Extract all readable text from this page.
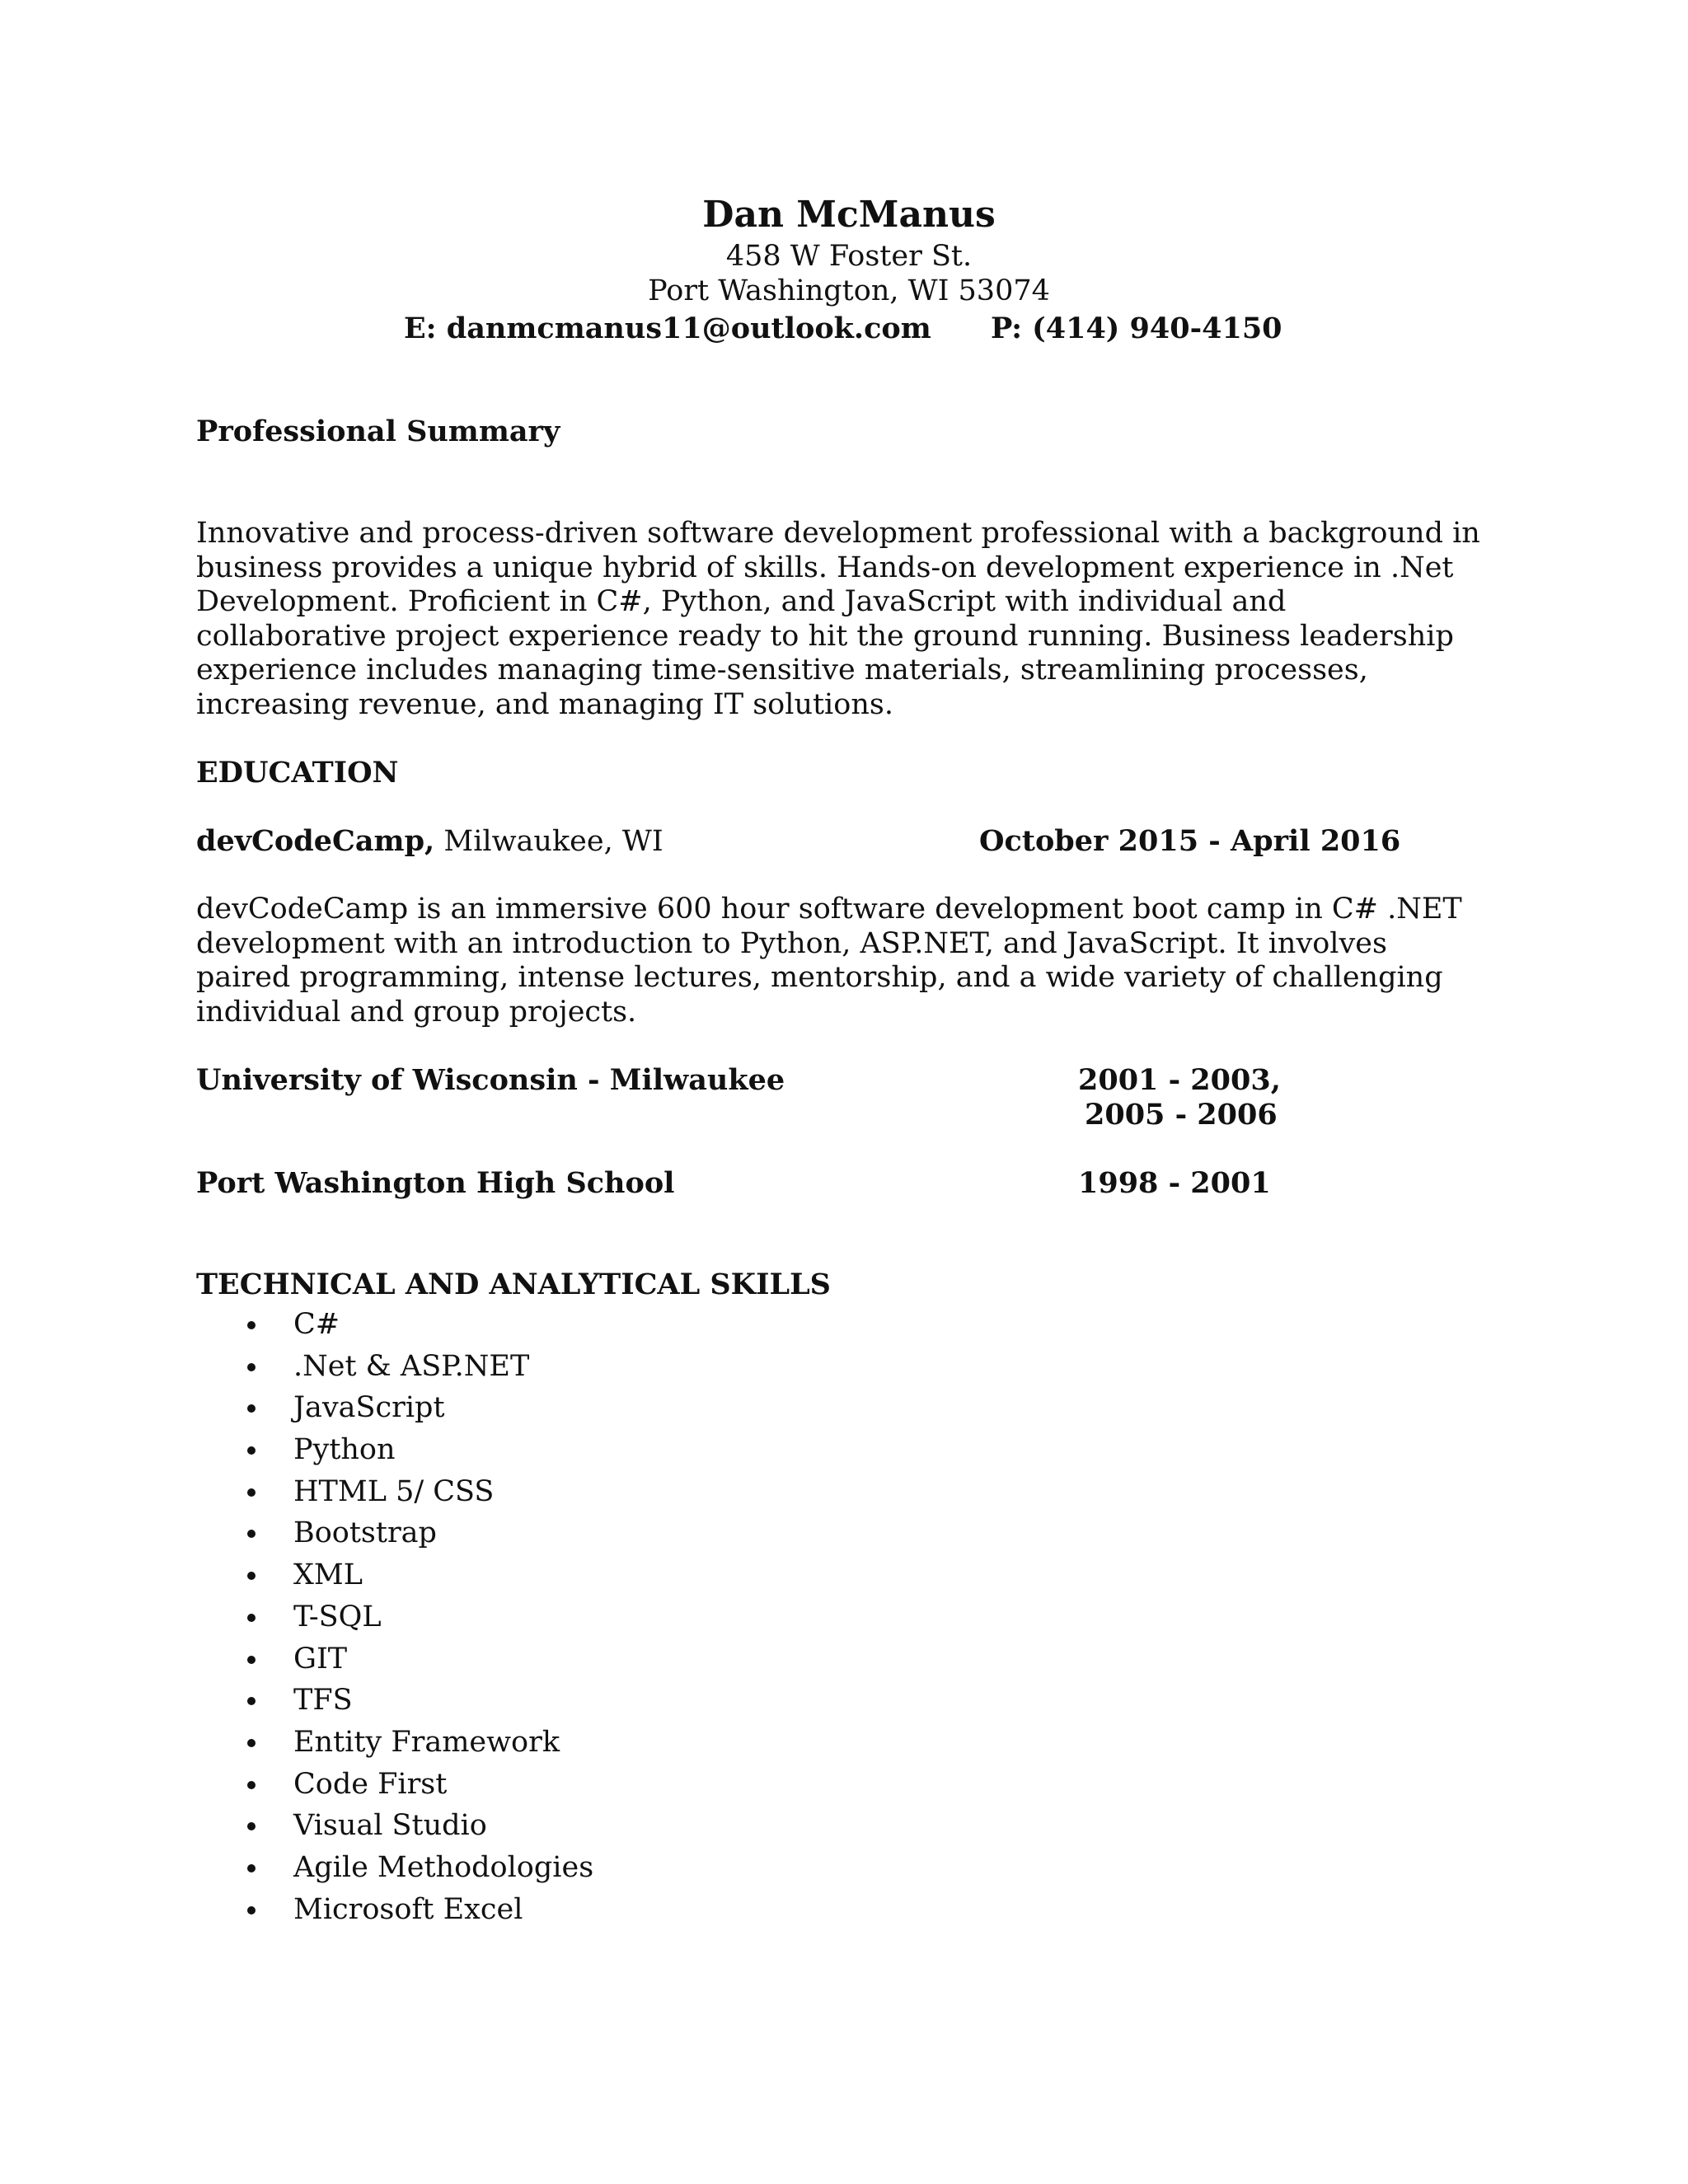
Dan McManus
458 W Foster St.
Port Washington, WI 53074
E: danmcmanus11@outlook.com P: (414) 940-4150
Professional Summary
Innovative and process-driven software development professional with a background in business provides a unique hybrid of skills. Hands-on development experience in .Net Development. Proficient in C#, Python, and JavaScript with individual and collaborative project experience ready to hit the ground running. Business leadership experience includes managing time-sensitive materials, streamlining processes, increasing revenue, and managing IT solutions.
EDUCATION
devCodeCamp, Milwaukee, WI	October 2015 - April 2016
devCodeCamp is an immersive 600 hour software development boot camp in C# .NET development with an introduction to Python, ASP.NET, and JavaScript. It involves paired programming, intense lectures, mentorship, and a wide variety of challenging individual and group projects.
University of Wisconsin - Milwaukee	2001 - 2003,
2005 - 2006
Port Washington High School	1998 - 2001
TECHNICAL AND ANALYTICAL SKILLS
C#
.Net & ASP.NET
JavaScript
Python
HTML 5/ CSS
Bootstrap
XML
T-SQL
GIT
TFS
Entity Framework
Code First
Visual Studio
Agile Methodologies
Microsoft Excel
